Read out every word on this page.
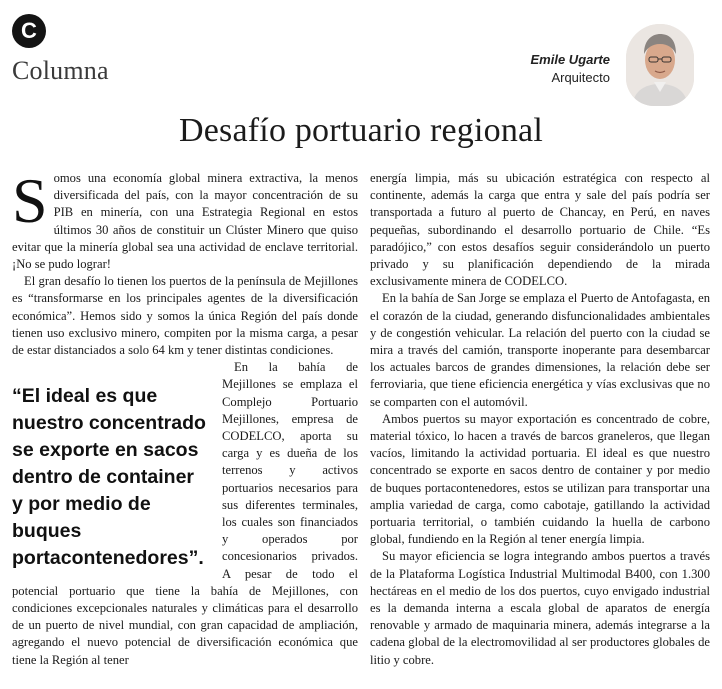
C
Columna	Emile Ugarte
Arquitecto
Desafío portuario regional

Somos una economía global minera extractiva, la menos diversificada del país, con la mayor concentración de su PIB en minería, con una Estrategia Regional en estos últimos 30 años de constituir un Clúster Minero que quiso evitar que la minería global sea una actividad de enclave territorial. ¡No se pudo lograr!

El gran desafío lo tienen los puertos de la península de Mejillones es “transformarse en los principales agentes de la diversificación económica”. Hemos sido y somos la única Región del país donde tienen uso exclusivo minero, compiten por la misma carga, a pesar de estar distanciados a solo 64 km y tener distintas condiciones.

“El ideal es que nuestro concentrado se exporte en sacos dentro de container y por medio de buques portacontenedores”.

En la bahía de Mejillones se emplaza el Complejo Portuario Mejillones, empresa de CODELCO, aporta su carga y es dueña de los terrenos y activos portuarios necesarios para sus diferentes terminales, los cuales son financiados y operados por concesionarios privados. A pesar de todo el potencial portuario que tiene la bahía de Mejillones, con condiciones excepcionales naturales y climáticas para el desarrollo de un puerto de nivel mundial, con gran capacidad de ampliación, agregando el nuevo potencial de diversificación económica que tiene la Región al tener

energía limpia, más su ubicación estratégica con respecto al continente, además la carga que entra y sale del país podría ser transportada a futuro al puerto de Chancay, en Perú, en naves pequeñas, subordinando el desarrollo portuario de Chile. “Es paradójico,” con estos desafíos seguir considerándolo un puerto privado y su planificación dependiendo de la mirada exclusivamente minera de CODELCO.

En la bahía de San Jorge se emplaza el Puerto de Antofagasta, en el corazón de la ciudad, generando disfuncionalidades ambientales y de congestión vehicular. La relación del puerto con la ciudad se mira a través del camión, transporte inoperante para desembarcar los actuales barcos de grandes dimensiones, la relación debe ser ferroviaria, que tiene eficiencia energética y vías exclusivas que no se comparten con el automóvil.

Ambos puertos su mayor exportación es concentrado de cobre, material tóxico, lo hacen a través de barcos graneleros, que llegan vacíos, limitando la actividad portuaria. El ideal es que nuestro concentrado se exporte en sacos dentro de container y por medio de buques portacontenedores, estos se utilizan para transportar una amplia variedad de carga, como cabotaje, gatillando la actividad portuaria territorial, o también cuidando la huella de carbono global, fundiendo en la Región al tener energía limpia.

Su mayor eficiencia se logra integrando ambos puertos a través de la Plataforma Logística Industrial Multimodal B400, con 1.300 hectáreas en el medio de los dos puertos, cuyo envigado industrial es la demanda interna a escala global de aparatos de energía renovable y armado de maquinaria minera, además integrarse a la cadena global de la electromovilidad al ser productores globales de litio y cobre.
